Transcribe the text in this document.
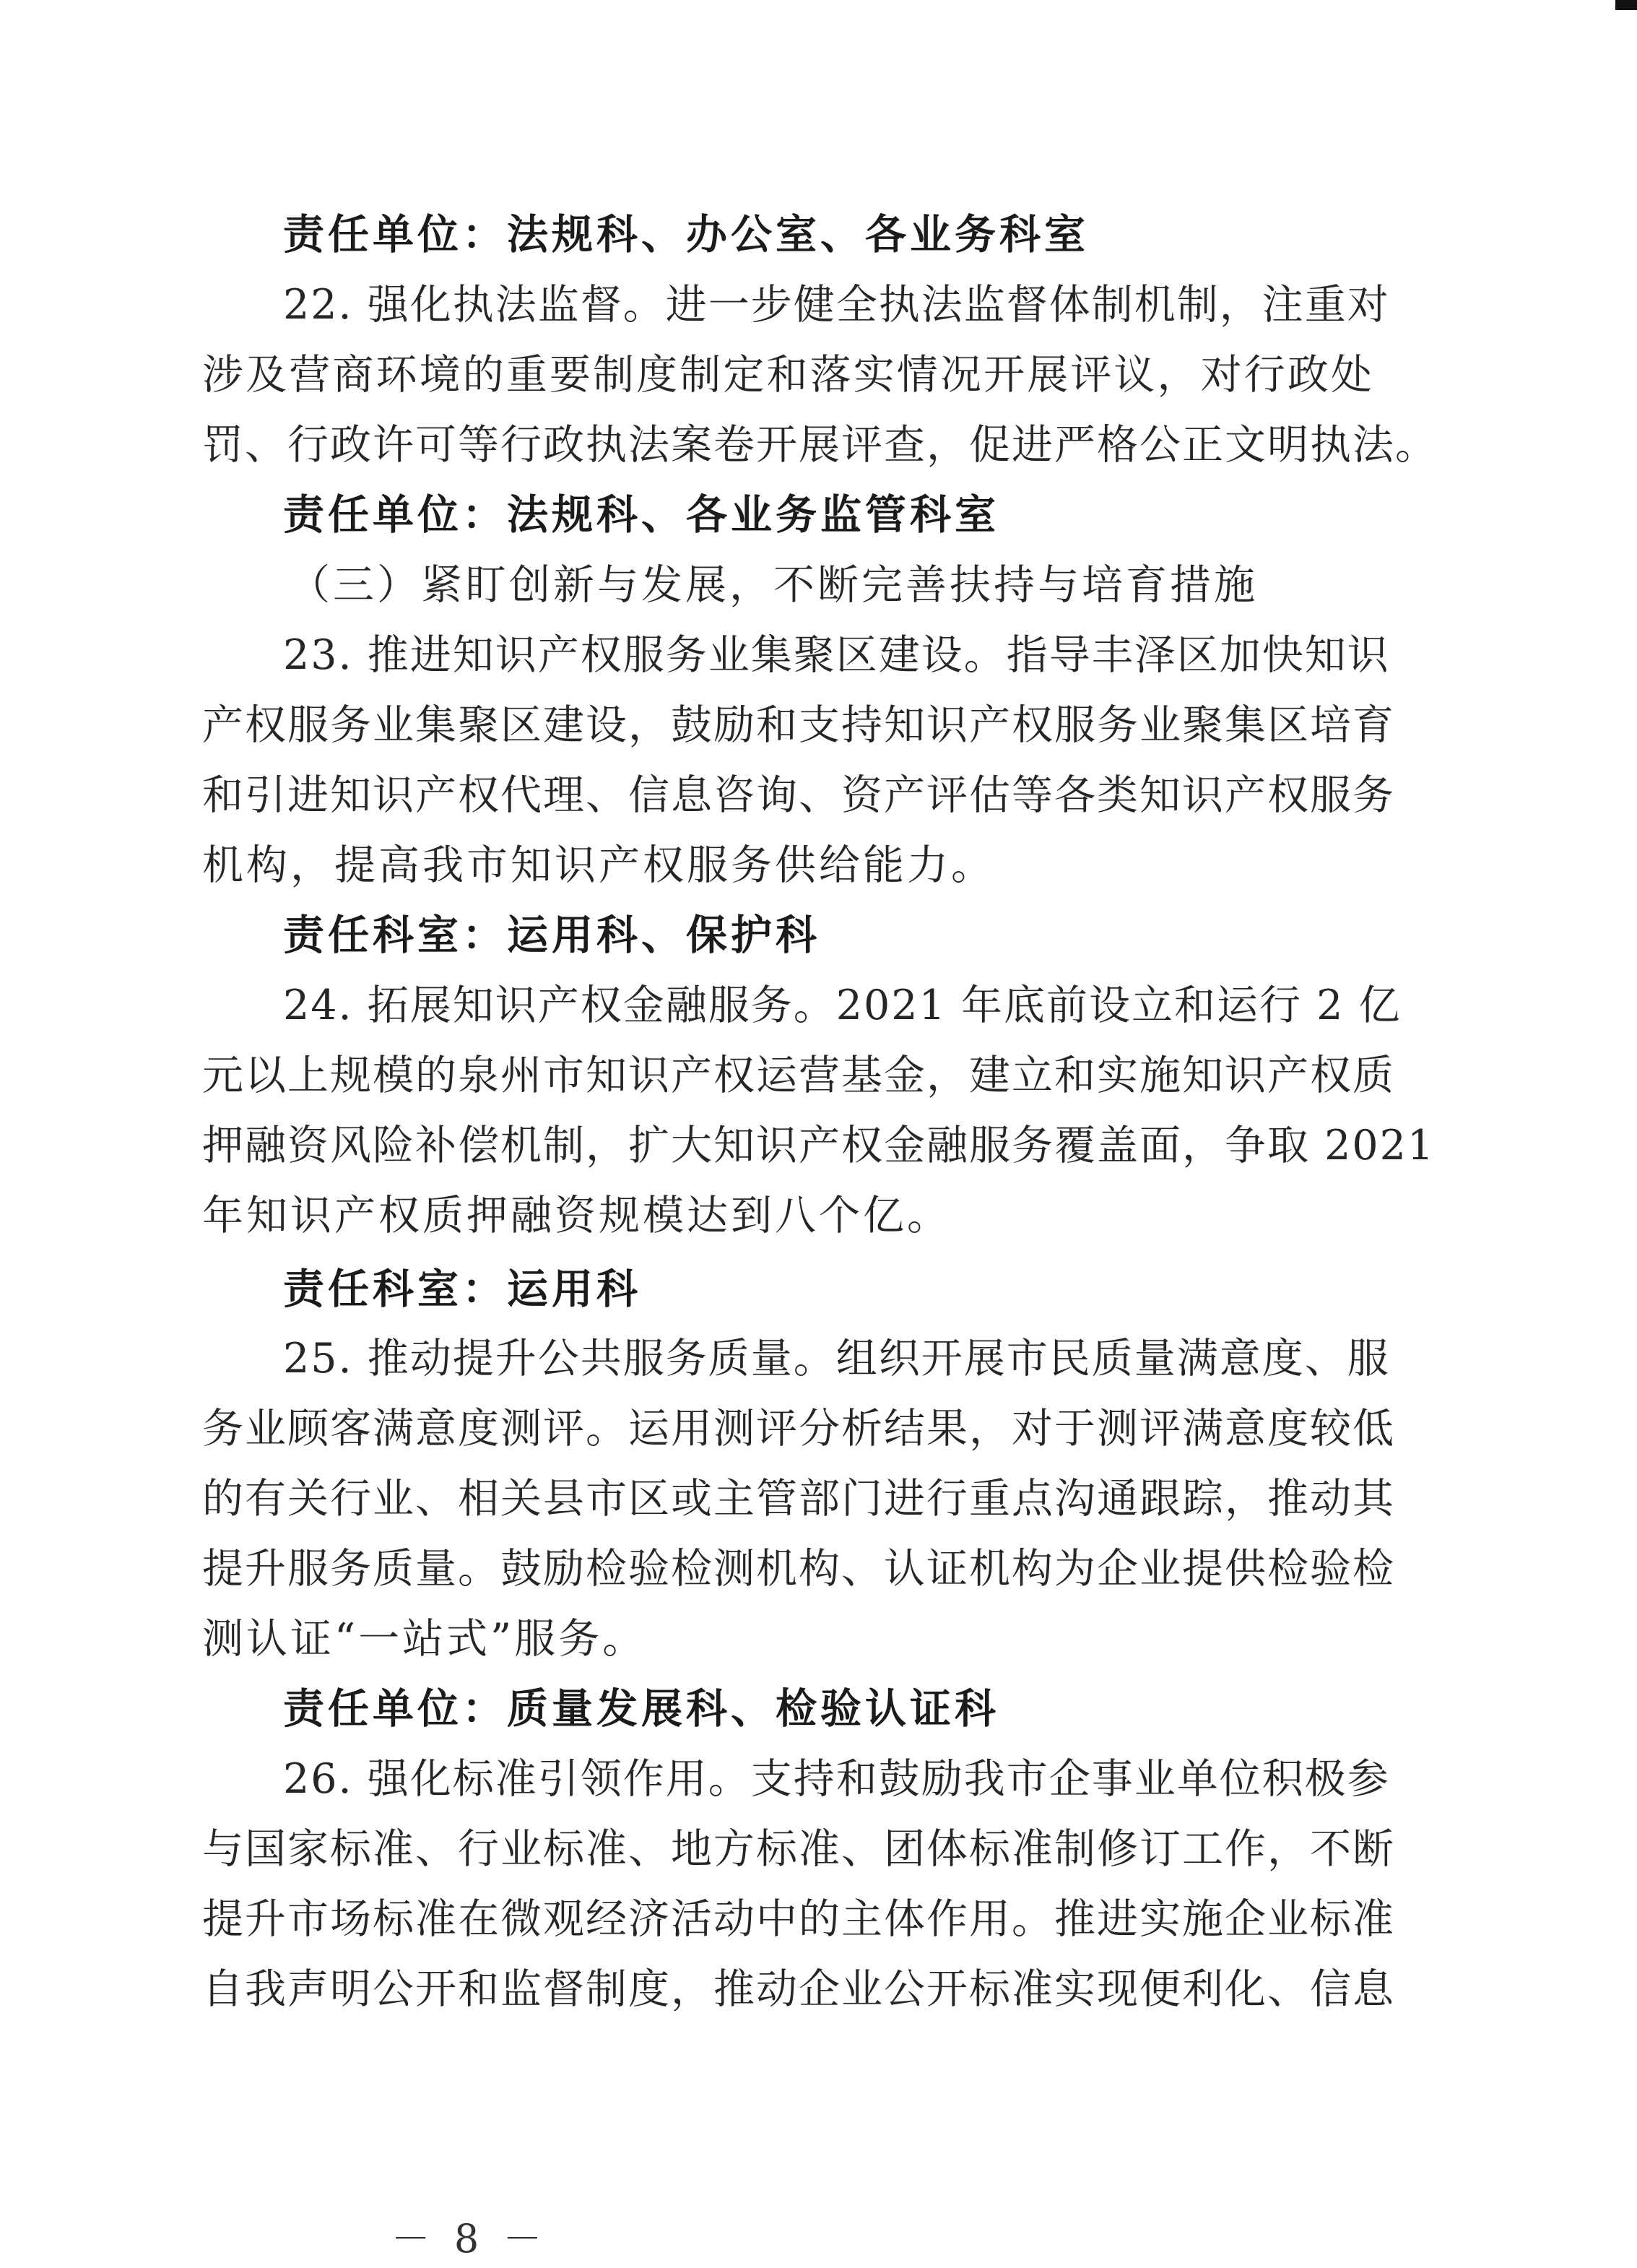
责任单位：法规科、办公室、各业务科室
22. 强化执法监督。进一步健全执法监督体制机制，注重对
涉及营商环境的重要制度制定和落实情况开展评议，对行政处
罚、行政许可等行政执法案卷开展评查，促进严格公正文明执法。
责任单位：法规科、各业务监管科室
（三）紧盯创新与发展，不断完善扶持与培育措施
23. 推进知识产权服务业集聚区建设。指导丰泽区加快知识
产权服务业集聚区建设，鼓励和支持知识产权服务业聚集区培育
和引进知识产权代理、信息咨询、资产评估等各类知识产权服务
机构，提高我市知识产权服务供给能力。
责任科室：运用科、保护科
24. 拓展知识产权金融服务。2021 年底前设立和运行 2 亿
元以上规模的泉州市知识产权运营基金，建立和实施知识产权质
押融资风险补偿机制，扩大知识产权金融服务覆盖面，争取 2021
年知识产权质押融资规模达到八个亿。
责任科室：运用科
25. 推动提升公共服务质量。组织开展市民质量满意度、服
务业顾客满意度测评。运用测评分析结果，对于测评满意度较低
的有关行业、相关县市区或主管部门进行重点沟通跟踪，推动其
提升服务质量。鼓励检验检测机构、认证机构为企业提供检验检
测认证“一站式”服务。
责任单位：质量发展科、检验认证科
26. 强化标准引领作用。支持和鼓励我市企事业单位积极参
与国家标准、行业标准、地方标准、团体标准制修订工作，不断
提升市场标准在微观经济活动中的主体作用。推进实施企业标准
自我声明公开和监督制度，推动企业公开标准实现便利化、信息
－ 8 －
